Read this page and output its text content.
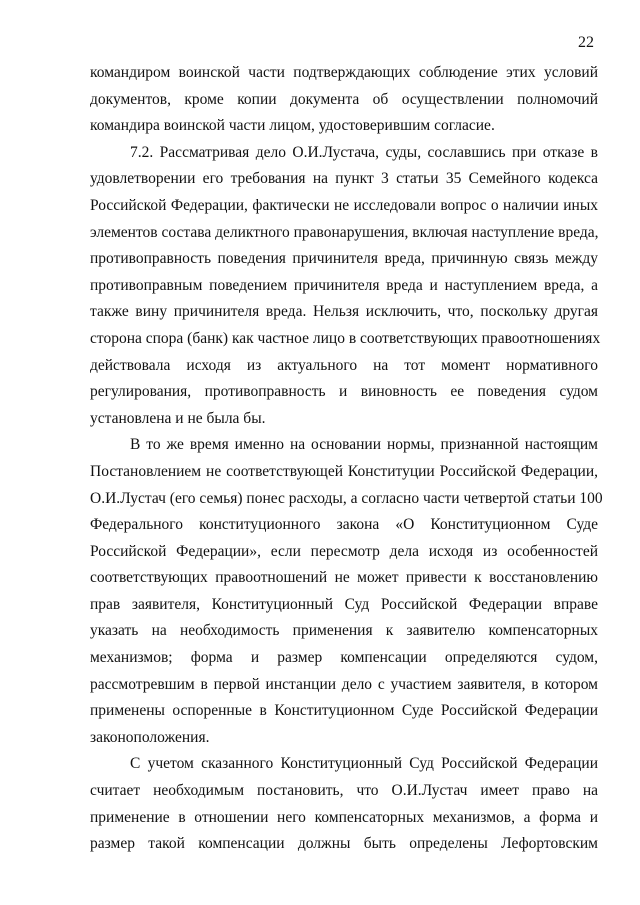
22
командиром воинской части подтверждающих соблюдение этих условий
документов, кроме копии документа об осуществлении полномочий
командира воинской части лицом, удостоверившим согласие.
7.2. Рассматривая дело О.И.Лустача, суды, сославшись при отказе в
удовлетворении его требования на пункт 3 статьи 35 Семейного кодекса
Российской Федерации, фактически не исследовали вопрос о наличии иных
элементов состава деликтного правонарушения, включая наступление вреда,
противоправность поведения причинителя вреда, причинную связь между
противоправным поведением причинителя вреда и наступлением вреда, а
также вину причинителя вреда. Нельзя исключить, что, поскольку другая
сторона спора (банк) как частное лицо в соответствующих правоотношениях
действовала исходя из актуального на тот момент нормативного
регулирования, противоправность и виновность ее поведения судом
установлена и не была бы.
В то же время именно на основании нормы, признанной настоящим
Постановлением не соответствующей Конституции Российской Федерации,
О.И.Лустач (его семья) понес расходы, а согласно части четвертой статьи 100
Федерального конституционного закона «О Конституционном Суде
Российской Федерации», если пересмотр дела исходя из особенностей
соответствующих правоотношений не может привести к восстановлению
прав заявителя, Конституционный Суд Российской Федерации вправе
указать на необходимость применения к заявителю компенсаторных
механизмов; форма и размер компенсации определяются судом,
рассмотревшим в первой инстанции дело с участием заявителя, в котором
применены оспоренные в Конституционном Суде Российской Федерации
законоположения.
С учетом сказанного Конституционный Суд Российской Федерации
считает необходимым постановить, что О.И.Лустач имеет право на
применение в отношении него компенсаторных механизмов, а форма и
размер такой компенсации должны быть определены Лефортовским
